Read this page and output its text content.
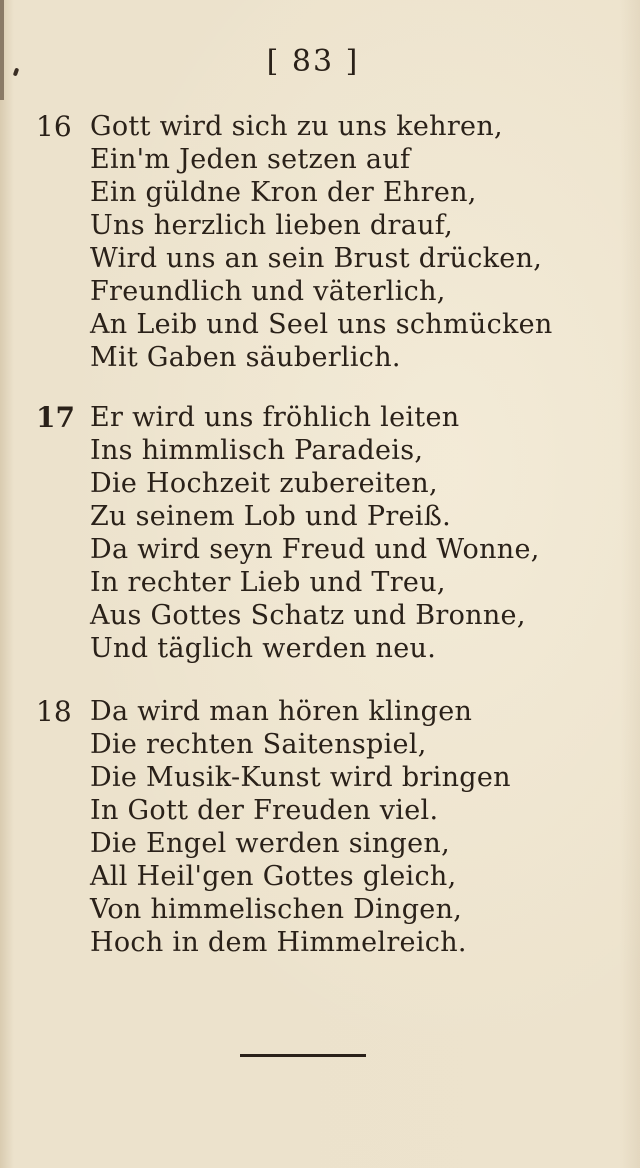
[ 83 ]
16 Gott wird sich zu uns kehren,
Ein'm Jeden setzen auf
Ein güldne Kron der Ehren,
Uns herzlich lieben drauf,
Wird uns an sein Brust drücken,
Freundlich und väterlich,
An Leib und Seel uns schmücken
Mit Gaben säuberlich.
17 Er wird uns fröhlich leiten
Ins himmlisch Paradeis,
Die Hochzeit zubereiten,
Zu seinem Lob und Preiß.
Da wird seyn Freud und Wonne,
In rechter Lieb und Treu,
Aus Gottes Schatz und Bronne,
Und täglich werden neu.
18 Da wird man hören klingen
Die rechten Saitenspiel,
Die Musik-Kunst wird bringen
In Gott der Freuden viel.
Die Engel werden singen,
All Heil'gen Gottes gleich,
Von himmelischen Dingen,
Hoch in dem Himmelreich.
